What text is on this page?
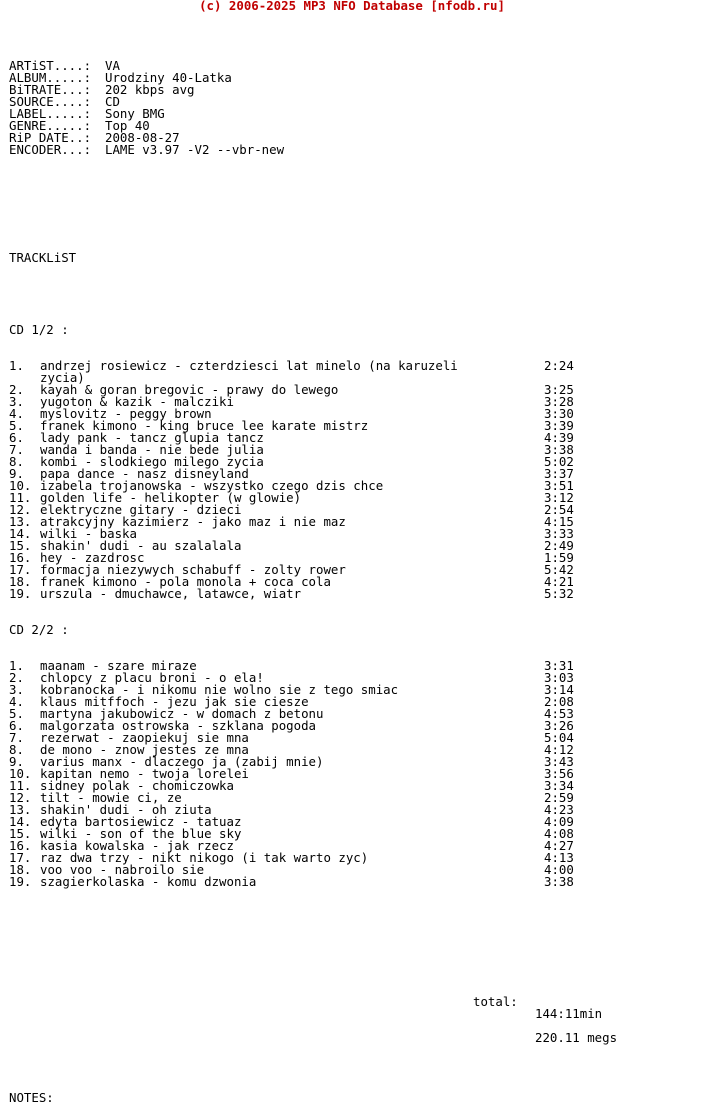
(c) 2006-2025 MP3 NFO Database [nfodb.ru]

ARTiST....: VA
ALBUM.....: Urodziny 40-Latka
BiTRATE...: 202 kbps avg
SOURCE....: CD
LABEL.....: Sony BMG
GENRE.....: Top 40
RiP DATE..: 2008-08-27
ENCODER...: LAME v3.97 -V2 --vbr-new

TRACKLiST

CD 1/2 :

1. andrzej rosiewicz - czterdziesci lat minelo (na karuzeli	2:24
zycia)
2. kayah & goran bregovic - prawy do lewego	3:25
3. yugoton & kazik - malcziki	3:28
4. myslovitz - peggy brown	3:30
5. franek kimono - king bruce lee karate mistrz	3:39
6. lady pank - tancz glupia tancz	4:39
7. wanda i banda - nie bede julia	3:38
8. kombi - slodkiego milego zycia	5:02
9. papa dance - nasz disneyland	3:37
10. izabela trojanowska - wszystko czego dzis chce	3:51
11. golden life - helikopter (w glowie)	3:12
12. elektryczne gitary - dzieci	2:54
13. atrakcyjny kazimierz - jako maz i nie maz	4:15
14. wilki - baska	3:33
15. shakin' dudi - au szalalala	2:49
16. hey - zazdrosc	1:59
17. formacja niezywych schabuff - zolty rower	5:42
18. franek kimono - pola monola + coca cola	4:21
19. urszula - dmuchawce, latawce, wiatr	5:32

CD 2/2 :

1. maanam - szare miraze	3:31
2. chlopcy z placu broni - o ela!	3:03
3. kobranocka - i nikomu nie wolno sie z tego smiac	3:14
4. klaus mitffoch - jezu jak sie ciesze	2:08
5. martyna jakubowicz - w domach z betonu	4:53
6. malgorzata ostrowska - szklana pogoda	3:26
7. rezerwat - zaopiekuj sie mna	5:04
8. de mono - znow jestes ze mna	4:12
9. varius manx - dlaczego ja (zabij mnie)	3:43
10. kapitan nemo - twoja lorelei	3:56
11. sidney polak - chomiczowka	3:34
12. tilt - mowie ci, ze	2:59
13. shakin' dudi - oh ziuta	4:23
14. edyta bartosiewicz - tatuaz	4:09
15. wilki - son of the blue sky	4:08
16. kasia kowalska - jak rzecz	4:27
17. raz dwa trzy - nikt nikogo (i tak warto zyc)	4:13
18. voo voo - nabroilo sie	4:00
19. szagierkolaska - komu dzwonia	3:38

total:

144:11min

220.11 megs

NOTES:
